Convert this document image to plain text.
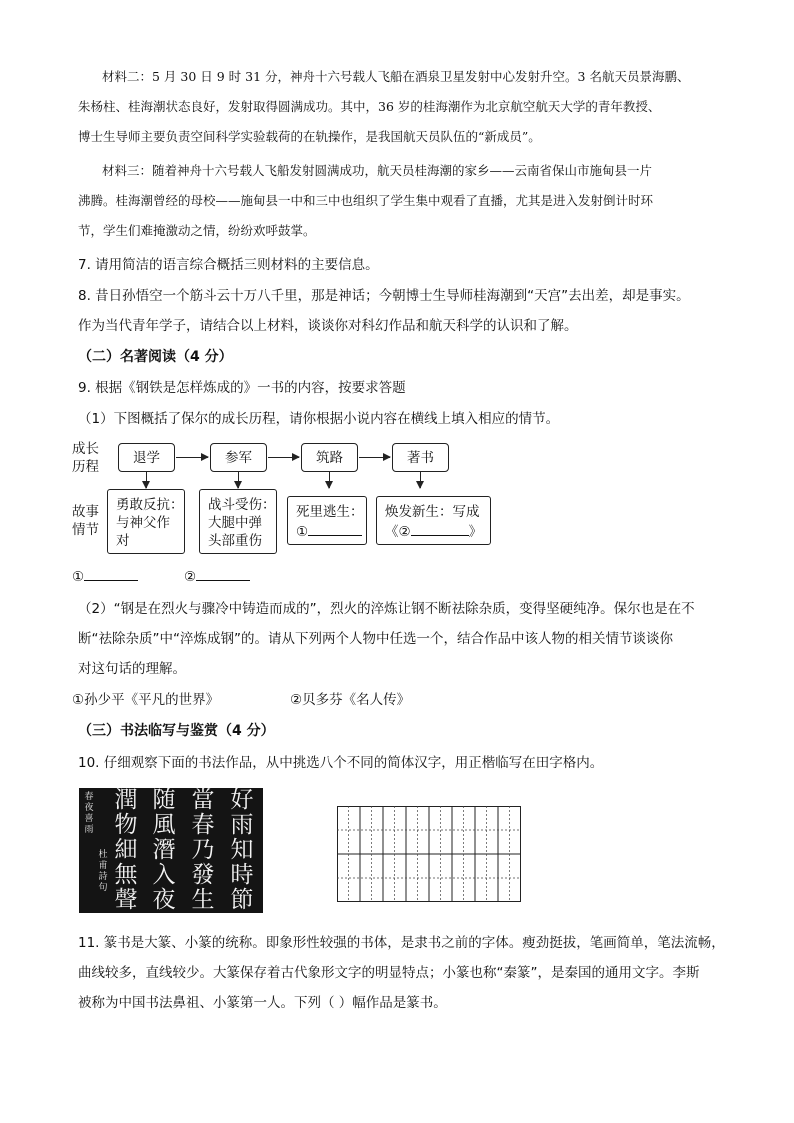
材料二：5 月 30 日 9 时 31 分，神舟十六号载人飞船在酒泉卫星发射中心发射升空。3 名航天员景海鹏、

朱杨柱、桂海潮状态良好，发射取得圆满成功。其中，36 岁的桂海潮作为北京航空航天大学的青年教授、

博士生导师主要负责空间科学实验载荷的在轨操作，是我国航天员队伍的“新成员”。

材料三：随着神舟十六号载人飞船发射圆满成功，航天员桂海潮的家乡——云南省保山市施甸县一片

沸腾。桂海潮曾经的母校——施甸县一中和三中也组织了学生集中观看了直播，尤其是进入发射倒计时环

节，学生们难掩激动之情，纷纷欢呼鼓掌。

7. 请用简洁的语言综合概括三则材料的主要信息。

8. 昔日孙悟空一个筋斗云十万八千里，那是神话；今朝博士生导师桂海潮到“天宫”去出差，却是事实。

作为当代青年学子，请结合以上材料，谈谈你对科幻作品和航天科学的认识和了解。

（二）名著阅读（4 分）

9. 根据《钢铁是怎样炼成的》一书的内容，按要求答题

（1）下图概括了保尔的成长历程，请你根据小说内容在横线上填入相应的情节。

成长
历程
故事
情节
退学	参军	筑路	著书
勇敢反抗：
与神父作
对
战斗受伤：
大腿中弹
头部重伤
死里逃生：
①
焕发新生：写成
《②	》
①	②

（2）“钢是在烈火与骤冷中铸造而成的”，烈火的淬炼让钢不断祛除杂质，变得坚硬纯净。保尔也是在不

断“祛除杂质”中“淬炼成钢”的。请从下列两个人物中任选一个，结合作品中该人物的相关情节谈谈你

对这句话的理解。

①孙少平《平凡的世界》	②贝多芬《名人传》

（三）书法临写与鉴赏（4 分）

10. 仔细观察下面的书法作品，从中挑选八个不同的简体汉字，用正楷临写在田字格内。

春
夜
喜
雨
杜
甫
詩
句
潤
物
細
無
聲
随
風
潛
入
夜
當
春
乃
發
生
好
雨
知
時
節

11. 篆书是大篆、小篆的统称。即象形性较强的书体，是隶书之前的字体。瘦劲挺拔，笔画简单，笔法流畅，

曲线较多，直线较少。大篆保存着古代象形文字的明显特点；小篆也称“秦篆”，是秦国的通用文字。李斯

被称为中国书法鼻祖、小篆第一人。下列（ ）幅作品是篆书。
